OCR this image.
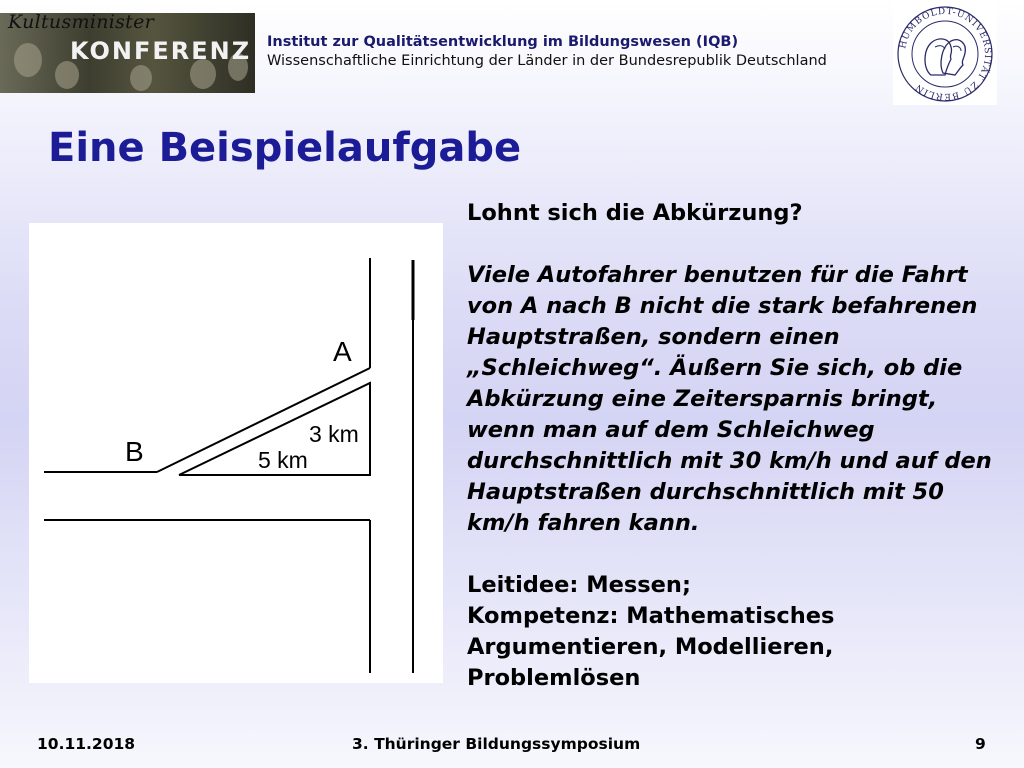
Kultusminister
KONFERENZ Institut zur Qualitätsentwicklung im Bildungswesen (IQB)
Wissenschaftliche Einrichtung der Länder in der Bundesrepublik Deutschland
HUMBOLDT-UNIVERSITÄT ZU BERLIN
Eine Beispielaufgabe
A
B
3 km
5 km
Lohnt sich die Abkürzung?
Viele Autofahrer benutzen für die Fahrt von A nach B nicht die stark befahrenen Hauptstraßen, sondern einen „Schleichweg“. Äußern Sie sich, ob die Abkürzung eine Zeitersparnis bringt, wenn man auf dem Schleichweg durchschnittlich mit 30 km/h und auf den Hauptstraßen durchschnittlich mit 50 km/h fahren kann.
Leitidee: Messen;
Kompetenz: Mathematisches Argumentieren, Modellieren, Problemlösen
10.11.2018	3. Thüringer Bildungssymposium	9
